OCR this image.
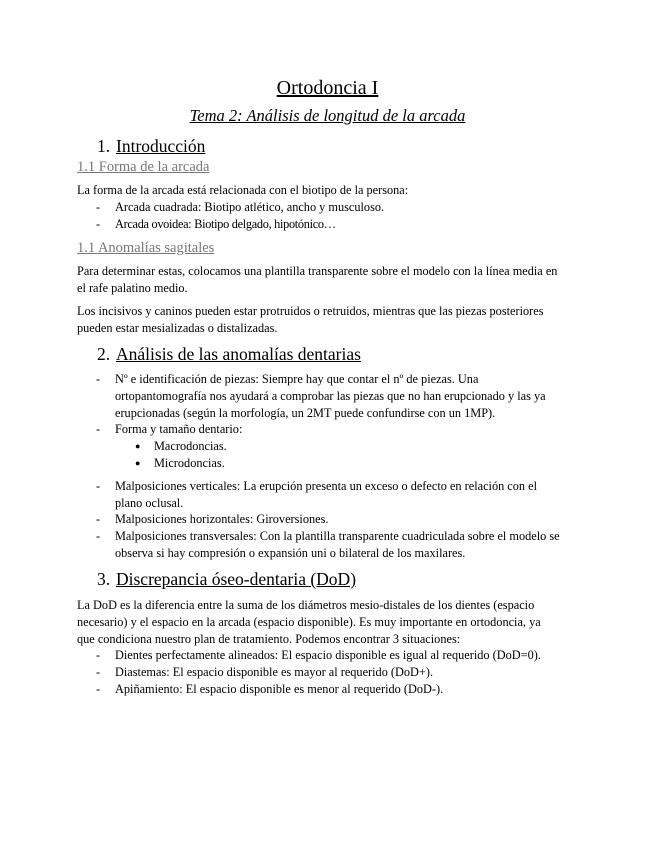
Ortodoncia I
Tema 2: Análisis de longitud de la arcada
1. Introducción
1.1 Forma de la arcada
La forma de la arcada está relacionada con el biotipo de la persona:
- Arcada cuadrada: Biotipo atlético, ancho y musculoso.
- Arcada ovoidea: Biotipo delgado, hipotónico…
1.1 Anomalías sagitales
Para determinar estas, colocamos una plantilla transparente sobre el modelo con la línea media en el rafe palatino medio.
Los incisivos y caninos pueden estar protruidos o retruidos, mientras que las piezas posteriores pueden estar mesializadas o distalizadas.
2. Análisis de las anomalías dentarias
- Nº e identificación de piezas: Siempre hay que contar el nº de piezas. Una ortopantomografía nos ayudará a comprobar las piezas que no han erupcionado y las ya erupcionadas (según la morfología, un 2MT puede confundirse con un 1MP).
- Forma y tamaño dentario:
● Macrodoncias.
● Microdoncias.
- Malposiciones verticales: La erupción presenta un exceso o defecto en relación con el plano oclusal.
- Malposiciones horizontales: Giroversiones.
- Malposiciones transversales: Con la plantilla transparente cuadriculada sobre el modelo se observa si hay compresión o expansión uni o bilateral de los maxilares.
3. Discrepancia óseo-dentaria (DoD)
La DoD es la diferencia entre la suma de los diámetros mesio-distales de los dientes (espacio necesario) y el espacio en la arcada (espacio disponible). Es muy importante en ortodoncia, ya que condiciona nuestro plan de tratamiento. Podemos encontrar 3 situaciones:
- Dientes perfectamente alineados: El espacio disponible es igual al requerido (DoD=0).
- Diastemas: El espacio disponible es mayor al requerido (DoD+).
- Apiñamiento: El espacio disponible es menor al requerido (DoD-).
